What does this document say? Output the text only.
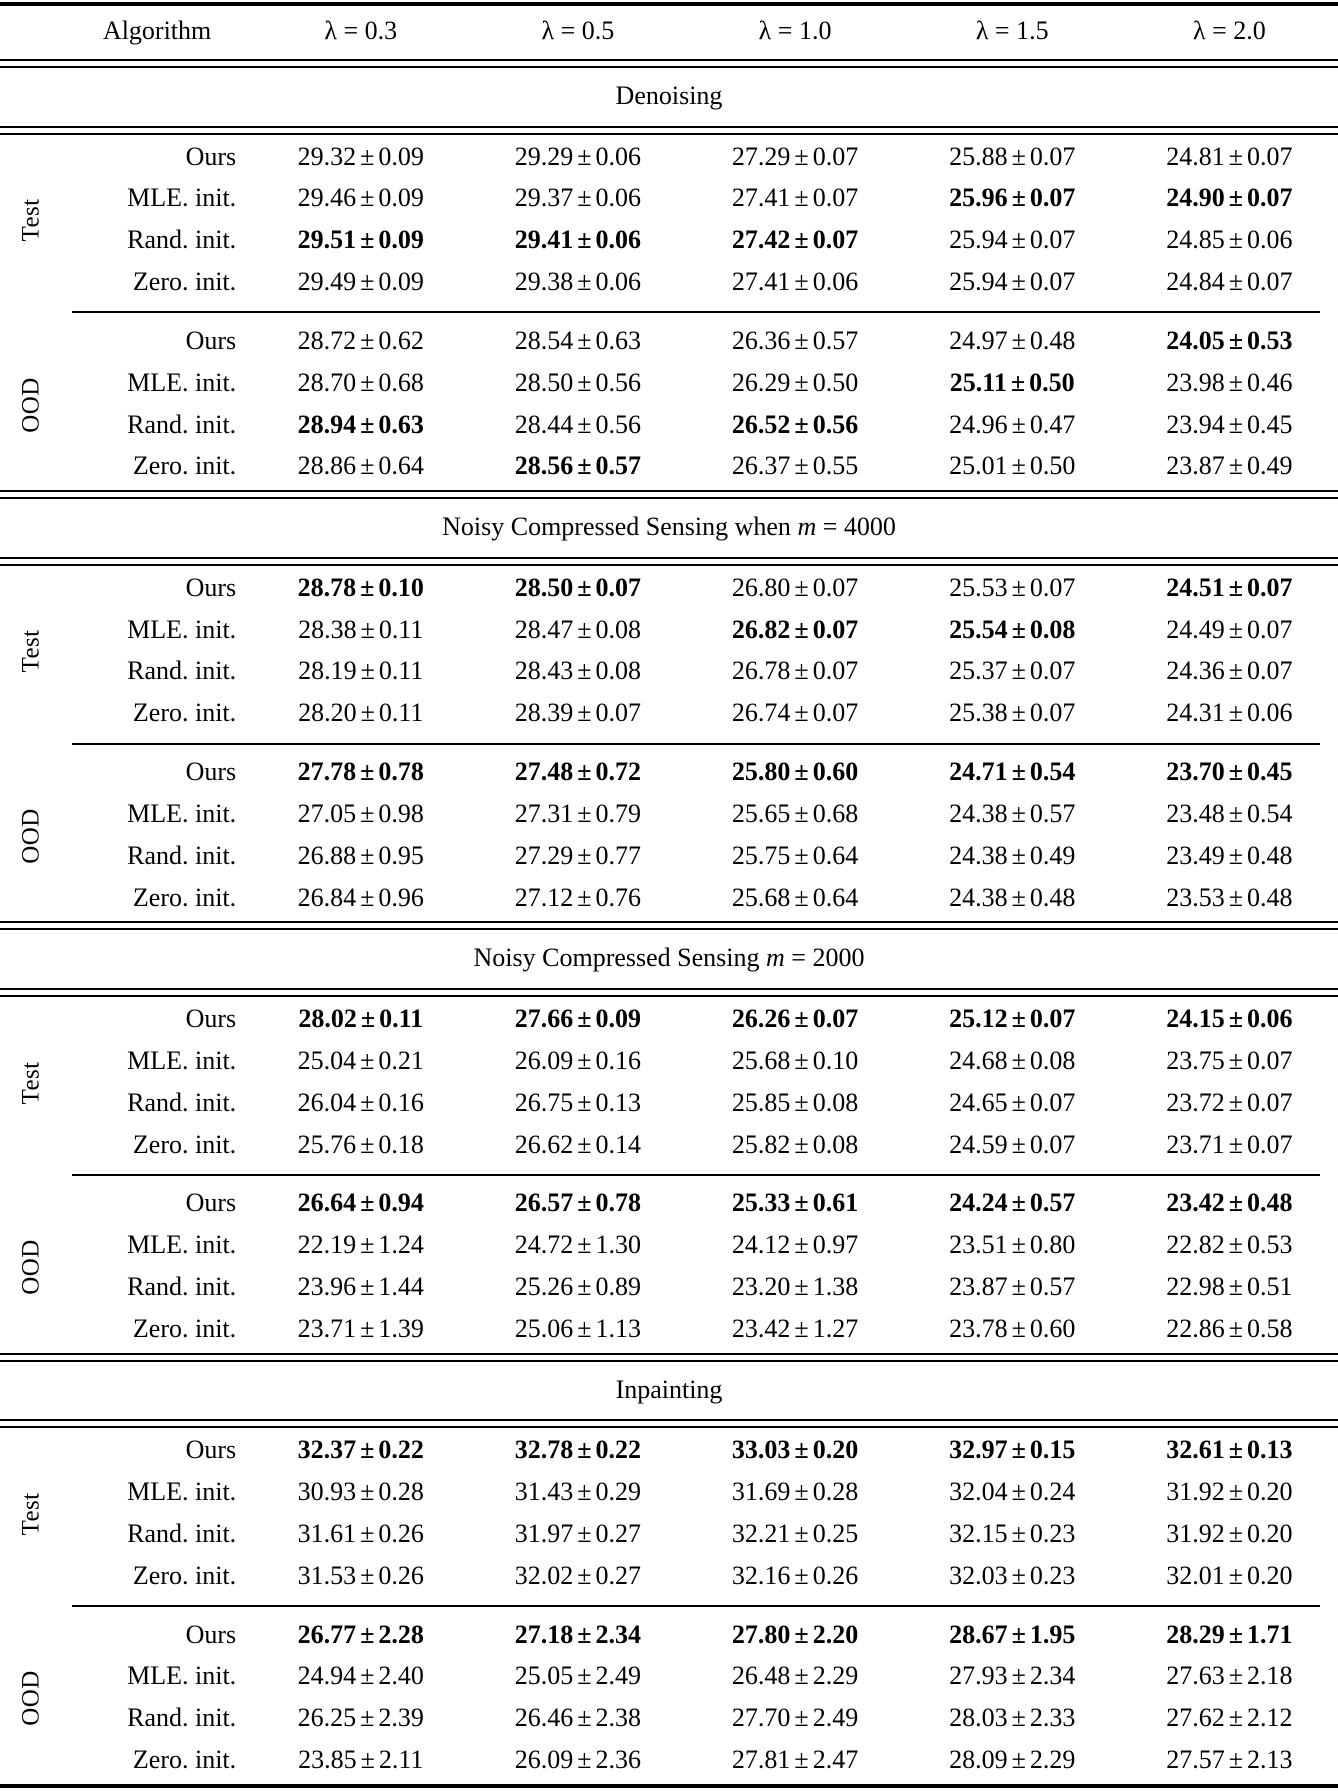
	Algorithm	λ = 0.3	λ = 0.5	λ = 1.0	λ = 1.5	λ = 2.0

Denoising						

Test	Ours	29.32 ± 0.09	29.29 ± 0.06	27.29 ± 0.07	25.88 ± 0.07	24.81 ± 0.07
	MLE. init.	29.46 ± 0.09	29.37 ± 0.06	27.41 ± 0.07	25.96 ± 0.07	24.90 ± 0.07
	Rand. init.	29.51 ± 0.09	29.41 ± 0.06	27.42 ± 0.07	25.94 ± 0.07	24.85 ± 0.06
	Zero. init.	29.49 ± 0.09	29.38 ± 0.06	27.41 ± 0.06	25.94 ± 0.07	24.84 ± 0.07

OOD	Ours	28.72 ± 0.62	28.54 ± 0.63	26.36 ± 0.57	24.97 ± 0.48	24.05 ± 0.53
	MLE. init.	28.70 ± 0.68	28.50 ± 0.56	26.29 ± 0.50	25.11 ± 0.50	23.98 ± 0.46
	Rand. init.	28.94 ± 0.63	28.44 ± 0.56	26.52 ± 0.56	24.96 ± 0.47	23.94 ± 0.45
	Zero. init.	28.86 ± 0.64	28.56 ± 0.57	26.37 ± 0.55	25.01 ± 0.50	23.87 ± 0.49

Noisy Compressed Sensing when m = 4000						

Test	Ours	28.78 ± 0.10	28.50 ± 0.07	26.80 ± 0.07	25.53 ± 0.07	24.51 ± 0.07
	MLE. init.	28.38 ± 0.11	28.47 ± 0.08	26.82 ± 0.07	25.54 ± 0.08	24.49 ± 0.07
	Rand. init.	28.19 ± 0.11	28.43 ± 0.08	26.78 ± 0.07	25.37 ± 0.07	24.36 ± 0.07
	Zero. init.	28.20 ± 0.11	28.39 ± 0.07	26.74 ± 0.07	25.38 ± 0.07	24.31 ± 0.06

OOD	Ours	27.78 ± 0.78	27.48 ± 0.72	25.80 ± 0.60	24.71 ± 0.54	23.70 ± 0.45
	MLE. init.	27.05 ± 0.98	27.31 ± 0.79	25.65 ± 0.68	24.38 ± 0.57	23.48 ± 0.54
	Rand. init.	26.88 ± 0.95	27.29 ± 0.77	25.75 ± 0.64	24.38 ± 0.49	23.49 ± 0.48
	Zero. init.	26.84 ± 0.96	27.12 ± 0.76	25.68 ± 0.64	24.38 ± 0.48	23.53 ± 0.48

Noisy Compressed Sensing m = 2000						

Test	Ours	28.02 ± 0.11	27.66 ± 0.09	26.26 ± 0.07	25.12 ± 0.07	24.15 ± 0.06
	MLE. init.	25.04 ± 0.21	26.09 ± 0.16	25.68 ± 0.10	24.68 ± 0.08	23.75 ± 0.07
	Rand. init.	26.04 ± 0.16	26.75 ± 0.13	25.85 ± 0.08	24.65 ± 0.07	23.72 ± 0.07
	Zero. init.	25.76 ± 0.18	26.62 ± 0.14	25.82 ± 0.08	24.59 ± 0.07	23.71 ± 0.07

OOD	Ours	26.64 ± 0.94	26.57 ± 0.78	25.33 ± 0.61	24.24 ± 0.57	23.42 ± 0.48
	MLE. init.	22.19 ± 1.24	24.72 ± 1.30	24.12 ± 0.97	23.51 ± 0.80	22.82 ± 0.53
	Rand. init.	23.96 ± 1.44	25.26 ± 0.89	23.20 ± 1.38	23.87 ± 0.57	22.98 ± 0.51
	Zero. init.	23.71 ± 1.39	25.06 ± 1.13	23.42 ± 1.27	23.78 ± 0.60	22.86 ± 0.58

Inpainting						

Test	Ours	32.37 ± 0.22	32.78 ± 0.22	33.03 ± 0.20	32.97 ± 0.15	32.61 ± 0.13
	MLE. init.	30.93 ± 0.28	31.43 ± 0.29	31.69 ± 0.28	32.04 ± 0.24	31.92 ± 0.20
	Rand. init.	31.61 ± 0.26	31.97 ± 0.27	32.21 ± 0.25	32.15 ± 0.23	31.92 ± 0.20
	Zero. init.	31.53 ± 0.26	32.02 ± 0.27	32.16 ± 0.26	32.03 ± 0.23	32.01 ± 0.20

OOD	Ours	26.77 ± 2.28	27.18 ± 2.34	27.80 ± 2.20	28.67 ± 1.95	28.29 ± 1.71
	MLE. init.	24.94 ± 2.40	25.05 ± 2.49	26.48 ± 2.29	27.93 ± 2.34	27.63 ± 2.18
	Rand. init.	26.25 ± 2.39	26.46 ± 2.38	27.70 ± 2.49	28.03 ± 2.33	27.62 ± 2.12
	Zero. init.	23.85 ± 2.11	26.09 ± 2.36	27.81 ± 2.47	28.09 ± 2.29	27.57 ± 2.13
